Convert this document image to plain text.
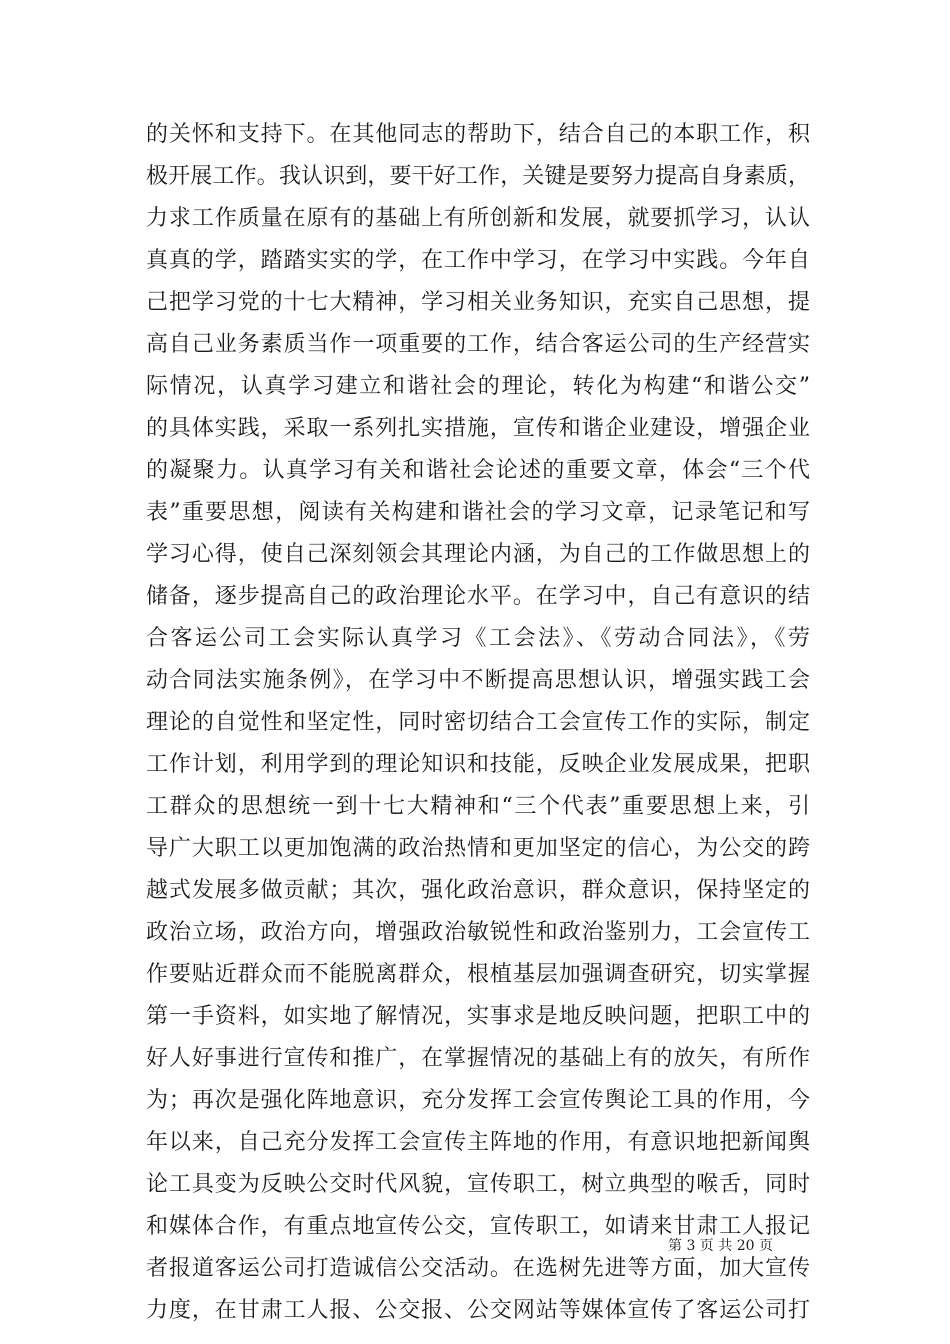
的关怀和支持下。在其他同志的帮助下，结合自己的本职工作，积
极开展工作。我认识到，要干好工作，关键是要努力提高自身素质，
力求工作质量在原有的基础上有所创新和发展，就要抓学习，认认
真真的学，踏踏实实的学，在工作中学习，在学习中实践。今年自
己把学习党的十七大精神，学习相关业务知识，充实自己思想，提
高自己业务素质当作一项重要的工作，结合客运公司的生产经营实
际情况，认真学习建立和谐社会的理论，转化为构建“和谐公交”
的具体实践，采取一系列扎实措施，宣传和谐企业建设，增强企业
的凝聚力。认真学习有关和谐社会论述的重要文章，体会“三个代
表”重要思想，阅读有关构建和谐社会的学习文章，记录笔记和写
学习心得，使自己深刻领会其理论内涵，为自己的工作做思想上的
储备，逐步提高自己的政治理论水平。在学习中，自己有意识的结
合客运公司工会实际认真学习《工会法》、《劳动合同法》，《劳
动合同法实施条例》，在学习中不断提高思想认识，增强实践工会
理论的自觉性和坚定性，同时密切结合工会宣传工作的实际，制定
工作计划，利用学到的理论知识和技能，反映企业发展成果，把职
工群众的思想统一到十七大精神和“三个代表”重要思想上来，引
导广大职工以更加饱满的政治热情和更加坚定的信心，为公交的跨
越式发展多做贡献；其次，强化政治意识，群众意识，保持坚定的
政治立场，政治方向，增强政治敏锐性和政治鉴别力，工会宣传工
作要贴近群众而不能脱离群众，根植基层加强调查研究，切实掌握
第一手资料，如实地了解情况，实事求是地反映问题，把职工中的
好人好事进行宣传和推广，在掌握情况的基础上有的放矢，有所作
为；再次是强化阵地意识，充分发挥工会宣传舆论工具的作用，今
年以来，自己充分发挥工会宣传主阵地的作用，有意识地把新闻舆
论工具变为反映公交时代风貌，宣传职工，树立典型的喉舌，同时
和媒体合作，有重点地宣传公交，宣传职工，如请来甘肃工人报记
者报道客运公司打造诚信公交活动。在选树先进等方面，加大宣传
力度，在甘肃工人报、公交报、公交网站等媒体宣传了客运公司打
第 3 页 共 20 页
